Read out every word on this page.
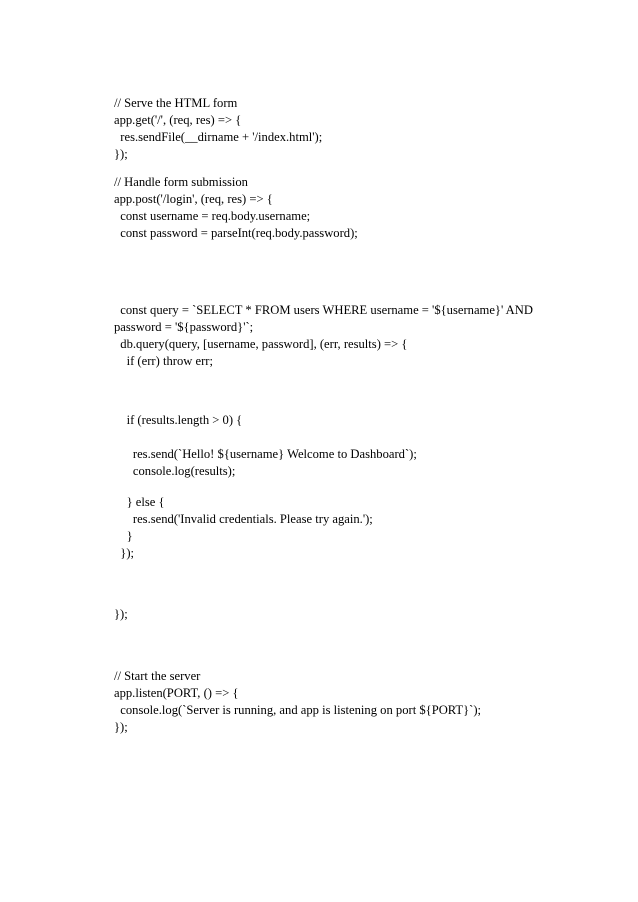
// Serve the HTML form
app.get('/', (req, res) => {
res.sendFile(__dirname + '/index.html');
});
// Handle form submission
app.post('/login', (req, res) => {
const username = req.body.username;
const password = parseInt(req.body.password);
const query = `SELECT * FROM users WHERE username = '${username}' AND
password = '${password}'`;
db.query(query, [username, password], (err, results) => {
if (err) throw err;
if (results.length > 0) {
res.send(`Hello! ${username} Welcome to Dashboard`);
console.log(results);
} else {
res.send('Invalid credentials. Please try again.');
}
});
});
// Start the server
app.listen(PORT, () => {
console.log(`Server is running, and app is listening on port ${PORT}`);
});
